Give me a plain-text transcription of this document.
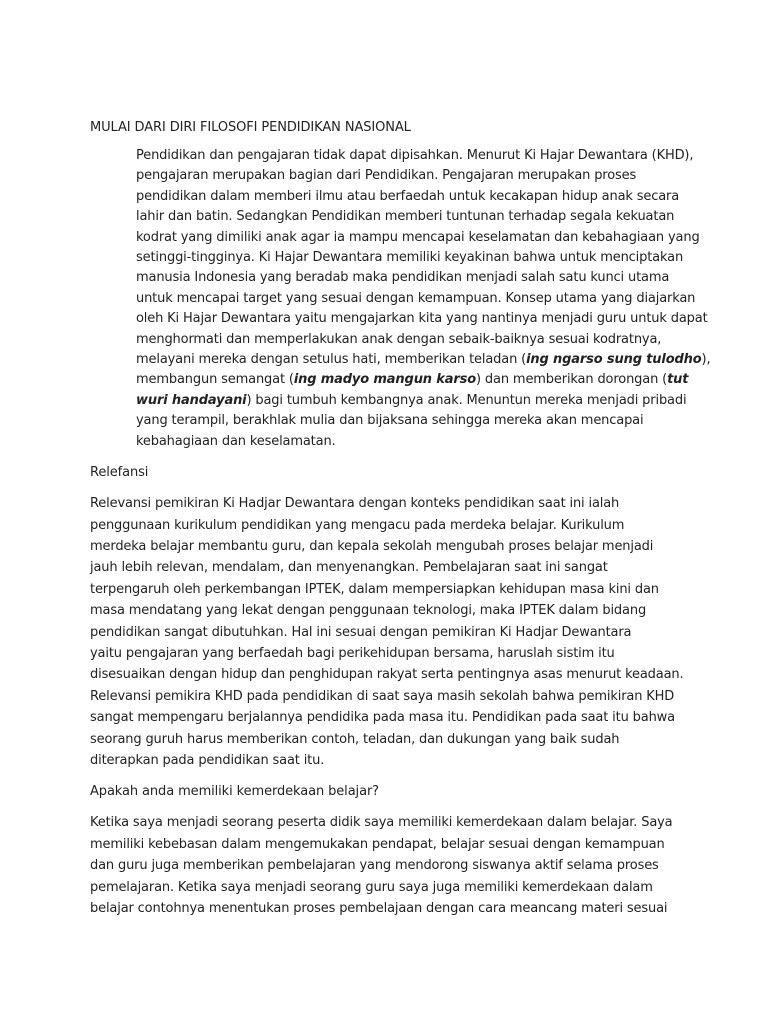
MULAI DARI DIRI FILOSOFI PENDIDIKAN NASIONAL
Pendidikan dan pengajaran tidak dapat dipisahkan. Menurut Ki Hajar Dewantara (KHD),
pengajaran merupakan bagian dari Pendidikan. Pengajaran merupakan proses
pendidikan dalam memberi ilmu atau berfaedah untuk kecakapan hidup anak secara
lahir dan batin. Sedangkan Pendidikan memberi tuntunan terhadap segala kekuatan
kodrat yang dimiliki anak agar ia mampu mencapai keselamatan dan kebahagiaan yang
setinggi-tingginya. Ki Hajar Dewantara memiliki keyakinan bahwa untuk menciptakan
manusia Indonesia yang beradab maka pendidikan menjadi salah satu kunci utama
untuk mencapai target yang sesuai dengan kemampuan. Konsep utama yang diajarkan
oleh Ki Hajar Dewantara yaitu mengajarkan kita yang nantinya menjadi guru untuk dapat
menghormati dan memperlakukan anak dengan sebaik-baiknya sesuai kodratnya,
melayani mereka dengan setulus hati, memberikan teladan (ing ngarso sung tulodho),
membangun semangat (ing madyo mangun karso) dan memberikan dorongan (tut
wuri handayani) bagi tumbuh kembangnya anak. Menuntun mereka menjadi pribadi
yang terampil, berakhlak mulia dan bijaksana sehingga mereka akan mencapai
kebahagiaan dan keselamatan.
Relefansi
Relevansi pemikiran Ki Hadjar Dewantara dengan konteks pendidikan saat ini ialah
penggunaan kurikulum pendidikan yang mengacu pada merdeka belajar. Kurikulum
merdeka belajar membantu guru, dan kepala sekolah mengubah proses belajar menjadi
jauh lebih relevan, mendalam, dan menyenangkan. Pembelajaran saat ini sangat
terpengaruh oleh perkembangan IPTEK, dalam mempersiapkan kehidupan masa kini dan
masa mendatang yang lekat dengan penggunaan teknologi, maka IPTEK dalam bidang
pendidikan sangat dibutuhkan. Hal ini sesuai dengan pemikiran Ki Hadjar Dewantara
yaitu pengajaran yang berfaedah bagi perikehidupan bersama, haruslah sistim itu
disesuaikan dengan hidup dan penghidupan rakyat serta pentingnya asas menurut keadaan.
Relevansi pemikira KHD pada pendidikan di saat saya masih sekolah bahwa pemikiran KHD
sangat mempengaru berjalannya pendidika pada masa itu. Pendidikan pada saat itu bahwa
seorang guruh harus memberikan contoh, teladan, dan dukungan yang baik sudah
diterapkan pada pendidikan saat itu.
Apakah anda memiliki kemerdekaan belajar?
Ketika saya menjadi seorang peserta didik saya memiliki kemerdekaan dalam belajar. Saya
memiliki kebebasan dalam mengemukakan pendapat, belajar sesuai dengan kemampuan
dan guru juga memberikan pembelajaran yang mendorong siswanya aktif selama proses
pemelajaran. Ketika saya menjadi seorang guru saya juga memiliki kemerdekaan dalam
belajar contohnya menentukan proses pembelajaan dengan cara meancang materi sesuai
